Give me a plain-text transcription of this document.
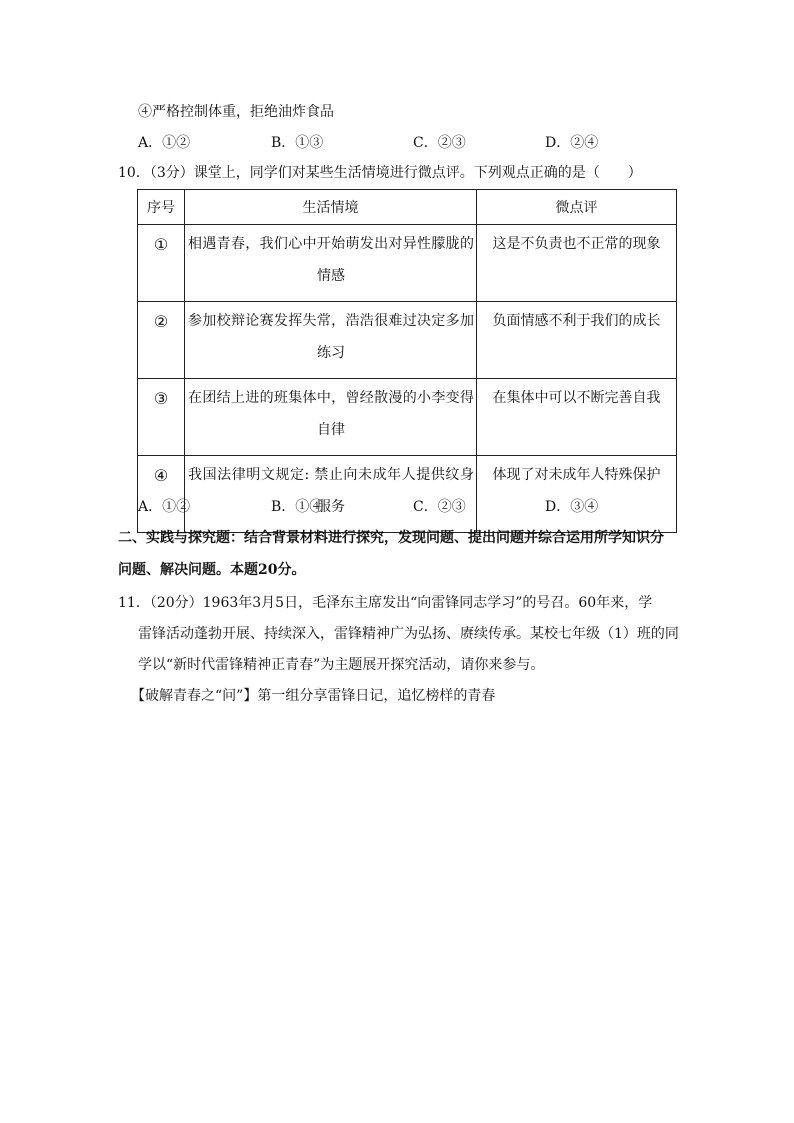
④严格控制体重，拒绝油炸食品
A．①②	B．①③	C．②③	D．②④
10．（3分）课堂上，同学们对某些生活情境进行微点评。下列观点正确的是（　　）
序号	生活情境	微点评
①	相遇青春，我们心中开始萌发出对异性朦胧的情感	这是不负责也不正常的现象
②	参加校辩论赛发挥失常，浩浩很难过决定多加练习	负面情感不利于我们的成长
③	在团结上进的班集体中，曾经散漫的小李变得自律	在集体中可以不断完善自我
④	我国法律明文规定: 禁止向未成年人提供纹身服务	体现了对未成年人特殊保护
A．①②	B．①④	C．②③	D．③④
二、实践与探究题：结合背景材料进行探究，发现问题、提出问题并综合运用所学知识分
问题、解决问题。本题20分。
11．（20分）1963年3月5日，毛泽东主席发出“向雷锋同志学习”的号召。60年来，学
雷锋活动蓬勃开展、持续深入，雷锋精神广为弘扬、赓续传承。某校七年级（1）班的同
学以“新时代雷锋精神正青春”为主题展开探究活动，请你来参与。
【破解青春之“问”】第一组分享雷锋日记，追忆榜样的青春
